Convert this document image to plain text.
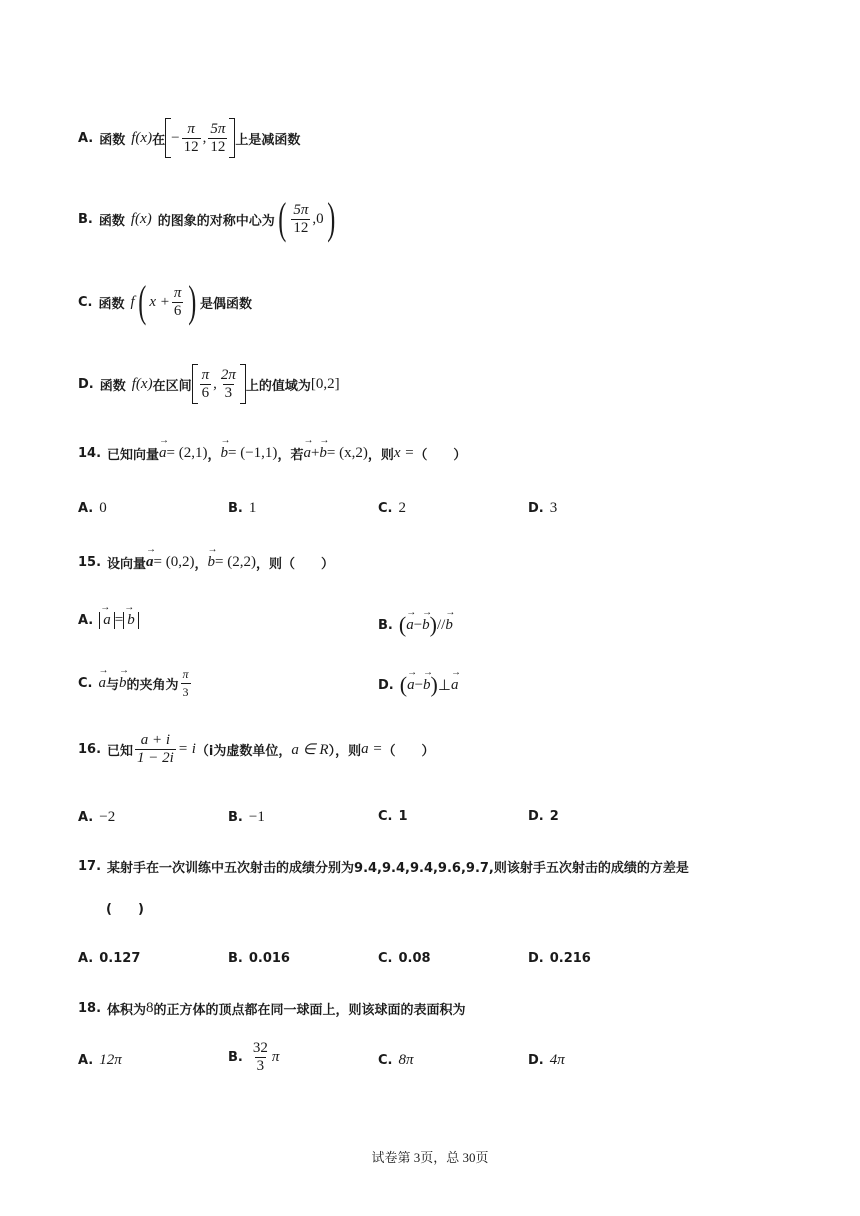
A. 函数 f(x) 在 − $\frac{\pi}{12}$ , $\frac{5\pi}{12}$ 上是减函数
B. 函数 f(x) 的图象的对称中心为 ( $\frac{5\pi}{12} ,0$ )
C. 函数 f ( $x + \frac{\pi}{6}$ ) 是偶函数
D. 函数 f(x) 在区间 $\frac{\pi}{6}$ , $\frac{2\pi}{3}$ 上的值域为 [0,2]
14. 已知向量 → a = (2,1) ， → b = (−1,1) ，若 → a + → b = (x,2) ，则 x = （　　）
A. 0	B. 1	C. 2	D. 3
15. 设向量 → a = (0,2) ， → b = (2,2) ，则（　　）
A. → a = → b	B. ( → a − → b ) // → b
C. → a 与 → b 的夹角为 $\frac{\pi}{3}$	D. ( → a − → b ) ⊥ → a
16. 已知 $\frac{a + i}{1 - 2i} = i$ （i为虚数单位， a ∈ R ），则 a = （　　）
A. −2	B. −1	C. 1	D. 2
17. 某射手在一次训练中五次射击的成绩分别为9.4,9.4,9.4,9.6,9.7,则该射手五次射击的成绩的方差是
(　　)
A. 0.127	B. 0.016	C. 0.08	D. 0.216
18. 体积为 8 的正方体的顶点都在同一球面上，则该球面的表面积为
A. 12π	B. $\frac{32}{3}$ π	C. 8π	D. 4π
试卷第 3页，总 30页
